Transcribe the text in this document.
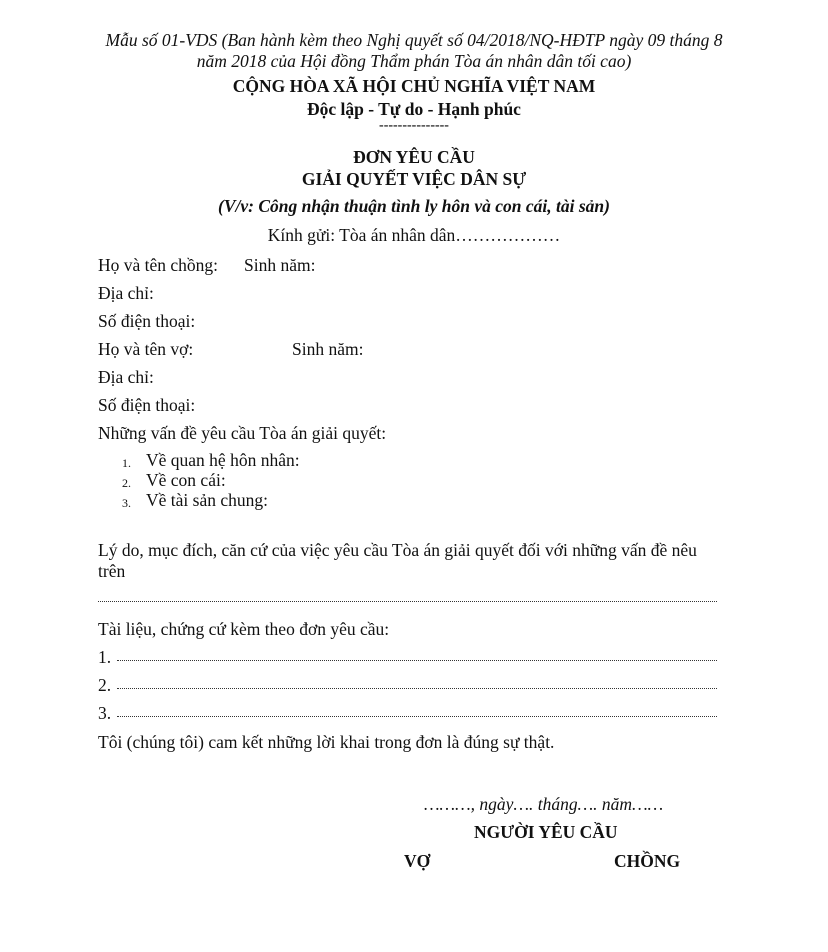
Mẫu số 01-VDS (Ban hành kèm theo Nghị quyết số 04/2018/NQ-HĐTP ngày 09 tháng 8
năm 2018 của Hội đồng Thẩm phán Tòa án nhân dân tối cao)
CỘNG HÒA XÃ HỘI CHỦ NGHĨA VIỆT NAM
Độc lập - Tự do - Hạnh phúc
---------------
ĐƠN YÊU CẦU
GIẢI QUYẾT VIỆC DÂN SỰ
(V/v: Công nhận thuận tình ly hôn và con cái, tài sản)
Kính gửi: Tòa án nhân dân………………
Họ và tên chồng: Sinh năm:
Địa chỉ:
Số điện thoại:
Họ và tên vợ:	Sinh năm:
Địa chỉ:
Số điện thoại:
Những vấn đề yêu cầu Tòa án giải quyết:
1. Về quan hệ hôn nhân:
2. Về con cái:
3. Về tài sản chung:
Lý do, mục đích, căn cứ của việc yêu cầu Tòa án giải quyết đối với những vấn đề nêu
trên
Tài liệu, chứng cứ kèm theo đơn yêu cầu:
1.
2.
3.
Tôi (chúng tôi) cam kết những lời khai trong đơn là đúng sự thật.
………, ngày…. tháng…. năm……
NGƯỜI YÊU CẦU
VỢ	CHỒNG
